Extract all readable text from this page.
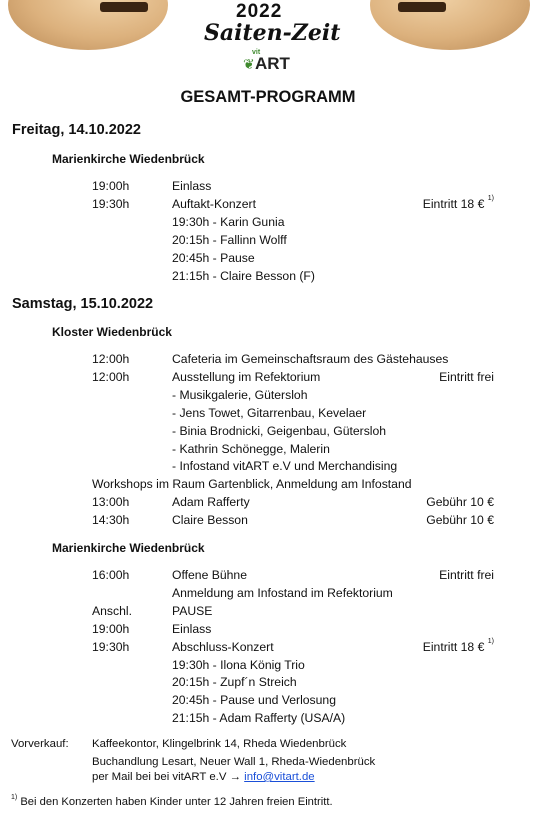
2022
Saiten-Zeit
❦
vit
ART
GESAMT-PROGRAMM
Freitag, 14.10.2022
Marienkirche Wiedenbrück
19:00h	Einlass
19:30h	Auftakt-Konzert	Eintritt 18 € $^{1)}$
19:30h - Karin Gunia
20:15h - Fallinn Wolff
20:45h - Pause
21:15h - Claire Besson (F)
Samstag, 15.10.2022
Kloster Wiedenbrück
12:00h	Cafeteria im Gemeinschaftsraum des Gästehauses
12:00h	Ausstellung im Refektorium	Eintritt frei
- Musikgalerie, Gütersloh
- Jens Towet, Gitarrenbau, Kevelaer
- Binia Brodnicki, Geigenbau, Gütersloh
- Kathrin Schönegge, Malerin
- Infostand vitART e.V und Merchandising
Workshops im Raum Gartenblick, Anmeldung am Infostand
13:00h	Adam Rafferty	Gebühr 10 €
14:30h	Claire Besson	Gebühr 10 €
Marienkirche Wiedenbrück
16:00h	Offene Bühne	Eintritt frei
Anmeldung am Infostand im Refektorium
Anschl.	PAUSE
19:00h	Einlass
19:30h	Abschluss-Konzert	Eintritt 18 € $^{1)}$
19:30h - Ilona König Trio
20:15h - Zupf´n Streich
20:45h - Pause und Verlosung
21:15h - Adam Rafferty (USA/A)
Vorverkauf: Kaffeekontor, Klingelbrink 14, Rheda Wiedenbrück
Buchandlung Lesart, Neuer Wall 1, Rheda-Wiedenbrück
per Mail bei bei vitART e.V → info@vitart.de
$^{1)}$ Bei den Konzerten haben Kinder unter 12 Jahren freien Eintritt.
